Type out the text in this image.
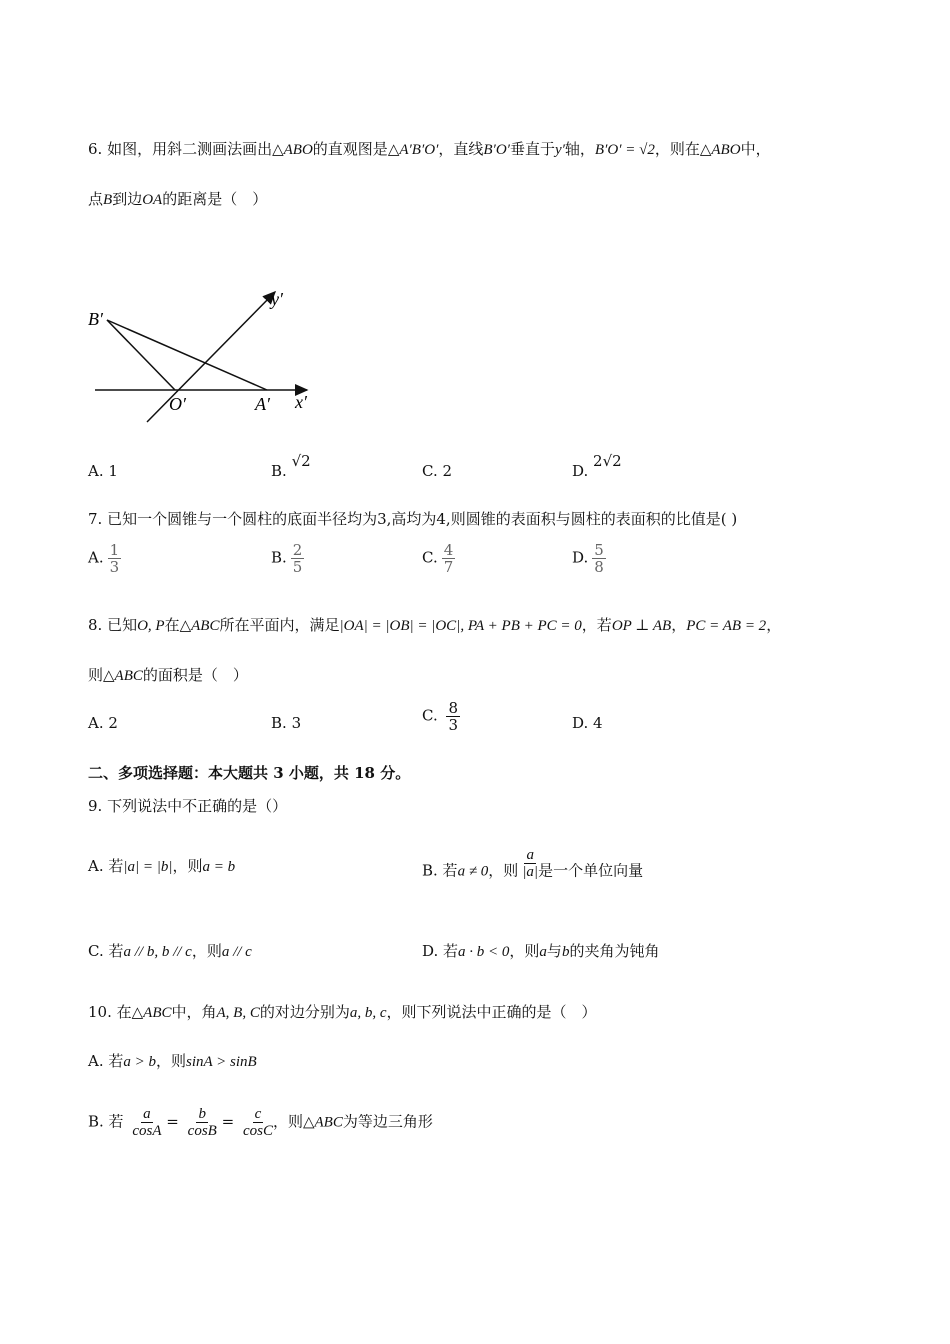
6. 如图，用斜二测画法画出△ABO的直观图是△A′B′O′，直线B′O′垂直于y′轴，B′O′ = √2，则在△ABO中，
点B到边OA的距离是（　）
B′
y′
O′	A′ x′
A. 1	B. √2
C. 2	D. 2√2
7. 已知一个圆锥与一个圆柱的底面半径均为3,高均为4,则圆锥的表面积与圆柱的表面积的比值是( )
A. $\frac{1}{3}$	B. $\frac{2}{5}$	C. $\frac{4}{7}$	D. $\frac{5}{8}$
8. 已知O, P在△ABC所在平面内，满足|OA| = |OB| = |OC|, PA + PB + PC = 0，若OP ⊥ AB，PC = AB = 2，
则△ABC的面积是（　）
A. 2	B. 3	C. $\frac{8}{3}$	D. 4
二、多项选择题：本大题共 3 小题，共 18 分。
9. 下列说法中不正确的是（）
A. 若|a| = |b|，则a = b	B. 若a ≠ 0，则 $\frac{a}{|a|}$ 是一个单位向量
C. 若a // b, b // c，则a // c	D. 若a · b < 0，则a与b的夹角为钝角
10. 在△ABC中，角A, B, C的对边分别为a, b, c，则下列说法中正确的是（　）
A. 若a > b，则sinA > sinB
B. 若 $\frac{a}{\cos A} = \frac{b}{\cos B} = \frac{c}{\cos C}$ ，则△ABC为等边三角形
